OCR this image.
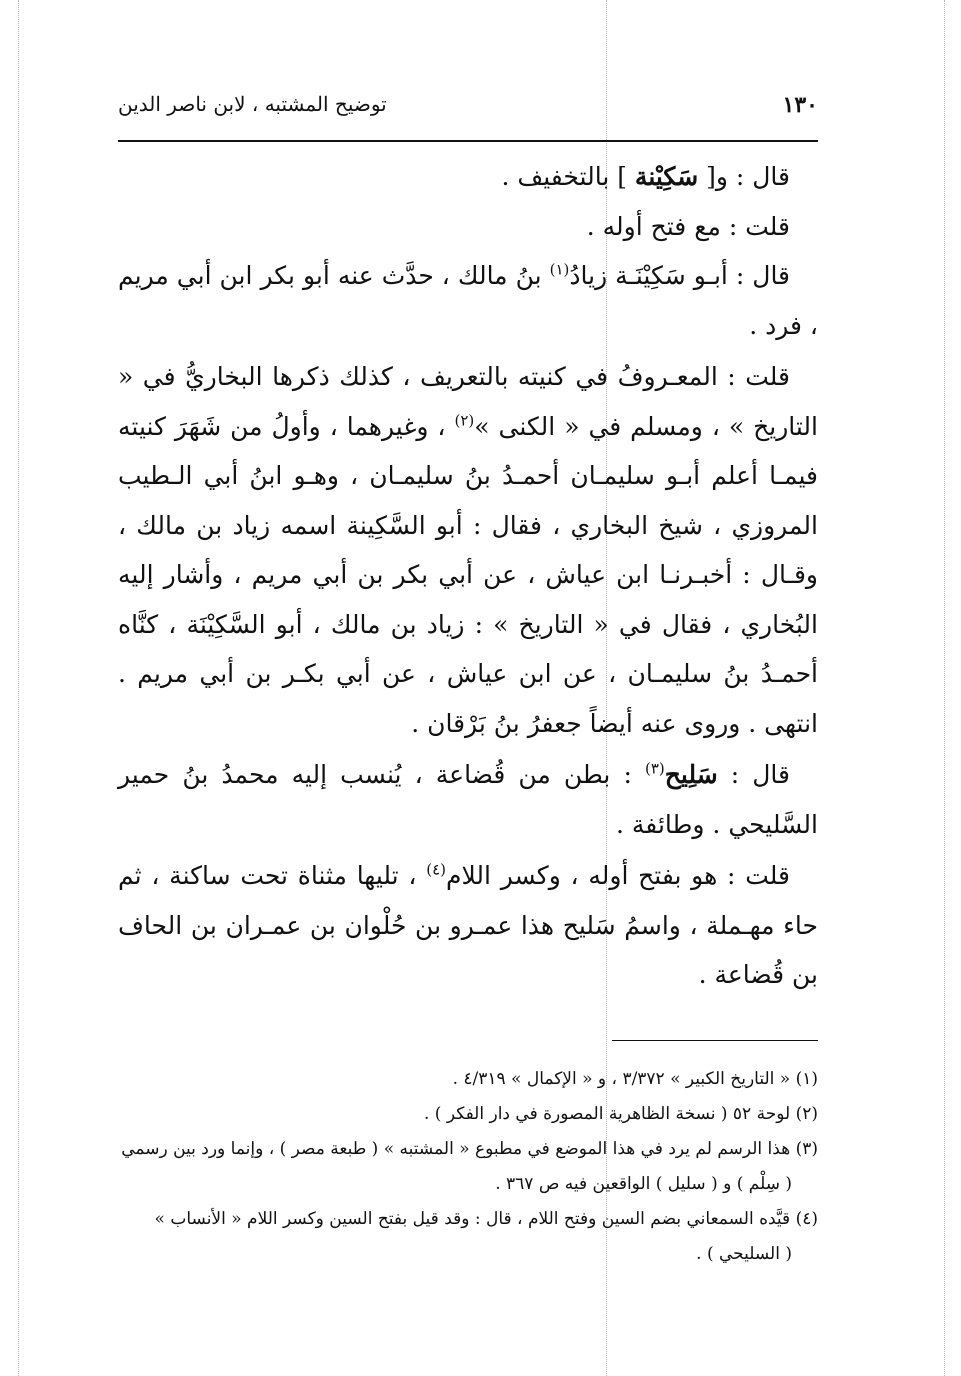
١٣٠
توضيح المشتبه ، لابن ناصر الدين

قال : و[ سَكِيْنة ] بالتخفيف .

قلت : مع فتح أوله .

قال : أبـو سَكِيْنَـة زيادُ$^{(١)}$ بنُ مالك ، حدَّث عنه أبو بكر ابن أبي مريم ، فرد .

قلت : المعـروفُ في كنيته بالتعريف ، كذلك ذكرها البخاريُّ في « التاريخ » ، ومسلم في « الكنى »$^{(٢)}$ ، وغيرهما ، وأولُ من شَهَرَ كنيته فيمـا أعلم أبـو سليمـان أحمـدُ بنُ سليمـان ، وهـو ابنُ أبي الـطيب المروزي ، شيخ البخاري ، فقال : أبو السَّكِينة اسمه زياد بن مالك ، وقـال : أخبـرنـا ابن عياش ، عن أبي بكر بن أبي مريم ، وأشار إليه البُخاري ، فقال في « التاريخ » : زياد بن مالك ، أبو السَّكِيْنَة ، كنَّاه أحمـدُ بنُ سليمـان ، عن ابن عياش ، عن أبي بكـر بن أبي مريم . انتهى . وروى عنه أيضاً جعفرُ بنُ بَرْقان .

قال : سَلِيح$^{(٣)}$ : بطن من قُضاعة ، يُنسب إليه محمدُ بنُ حمير السَّليحي . وطائفة .

قلت : هو بفتح أوله ، وكسر اللام$^{(٤)}$ ، تليها مثناة تحت ساكنة ، ثم حاء مهـملة ، واسمُ سَليح هذا عمـرو بن حُلْوان بن عمـران بن الحاف بن قُضاعة .

(١) « التاريخ الكبير » ٣/٣٧٢ ، و « الإكمال » ٤/٣١٩ .

(٢) لوحة ٥٢ ( نسخة الظاهرية المصورة في دار الفكر ) .

(٣) هذا الرسم لم يرد في هذا الموضع في مطبوع « المشتبه » ( طبعة مصر ) ، وإنما ورد بين رسمي

( سِلْم ) و ( سليل ) الواقعين فيه ص ٣٦٧ .

(٤) قيَّده السمعاني بضم السين وفتح اللام ، قال : وقد قيل بفتح السين وكسر اللام « الأنساب »

( السليحي ) .
